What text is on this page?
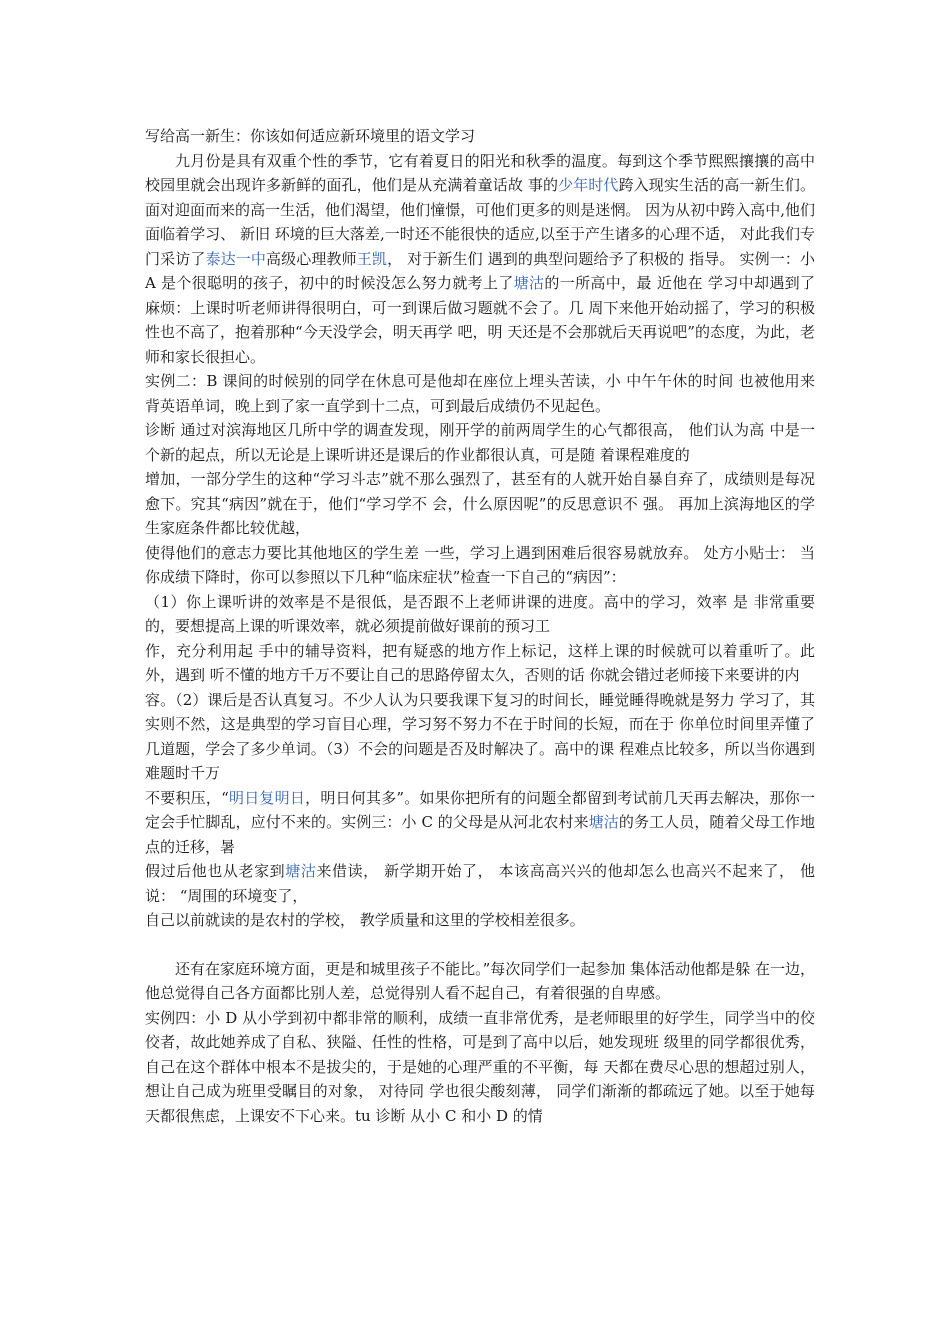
写给高一新生：你该如何适应新环境里的语文学习
九月份是具有双重个性的季节，它有着夏日的阳光和秋季的温度。每到这个季节熙熙攘攘的高中校园里就会出现许多新鲜的面孔，他们是从充满着童话故 事的少年时代跨入现实生活的高一新生们。面对迎面而来的高一生活，他们渴望，他们憧憬，可他们更多的则是迷惘。 因为从初中跨入高中,他们面临着学习、 新旧 环境的巨大落差,一时还不能很快的适应,以至于产生诸多的心理不适， 对此我们专门采访了泰达一中高级心理教师王凯， 对于新生们 遇到的典型问题给予了积极的 指导。 实例一：小 A 是个很聪明的孩子，初中的时候没怎么努力就考上了塘沽的一所高中，最 近他在 学习中却遇到了麻烦：上课时听老师讲得很明白，可一到课后做习题就不会了。几 周下来他开始动摇了，学习的积极性也不高了，抱着那种“今天没学会，明天再学 吧，明 天还是不会那就后天再说吧”的态度，为此，老师和家长很担心。
实例二：B 课间的时候别的同学在休息可是他却在座位上埋头苦读，小 中午午休的时间 也被他用来背英语单词，晚上到了家一直学到十二点，可到最后成绩仍不见起色。
诊断 通过对滨海地区几所中学的调查发现，刚开学的前两周学生的心气都很高， 他们认为高 中是一个新的起点，所以无论是上课听讲还是课后的作业都很认真，可是随 着课程难度的
增加，一部分学生的这种“学习斗志”就不那么强烈了，甚至有的人就开始自暴自弃了，成绩则是每况愈下。究其“病因”就在于，他们“学习学不 会，什么原因呢”的反思意识不 强。 再加上滨海地区的学生家庭条件都比较优越，
使得他们的意志力要比其他地区的学生差 一些，学习上遇到困难后很容易就放弃。 处方小贴士： 当你成绩下降时，你可以参照以下几种“临床症状”检查一下自己的“病因”：
（1）你上课听讲的效率是不是很低，是否跟不上老师讲课的进度。高中的学习，效率 是 非常重要的，要想提高上课的听课效率，就必须提前做好课前的预习工
作，充分利用起 手中的辅导资料，把有疑惑的地方作上标记，这样上课的时候就可以着重听了。此外，遇到 听不懂的地方千万不要让自己的思路停留太久，否则的话 你就会错过老师接下来要讲的内
容。（2）课后是否认真复习。不少人认为只要我课下复习的时间长，睡觉睡得晚就是努力 学习了，其实则不然，这是典型的学习盲目心理，学习努不努力不在于时间的长短，而在于 你单位时间里弄懂了几道题，学会了多少单词。（3）不会的问题是否及时解决了。高中的课 程难点比较多，所以当你遇到难题时千万
不要积压，“明日复明日，明日何其多”。如果你把所有的问题全都留到考试前几天再去解决，那你一定会手忙脚乱，应付不来的。实例三：小 C 的父母是从河北农村来塘沽的务工人员，随着父母工作地点的迁移，暑
假过后他也从老家到塘沽来借读， 新学期开始了， 本该高高兴兴的他却怎么也高兴不起来了， 他说： “周围的环境变了，
自己以前就读的是农村的学校， 教学质量和这里的学校相差很多。
还有在家庭环境方面，更是和城里孩子不能比。”每次同学们一起参加 集体活动他都是躲 在一边，他总觉得自己各方面都比别人差，总觉得别人看不起自己，有着很强的自卑感。
实例四：小 D 从小学到初中都非常的顺利，成绩一直非常优秀，是老师眼里的好学生，同学当中的佼佼者，故此她养成了自私、狭隘、任性的性格，可是到了高中以后，她发现班 级里的同学都很优秀，自己在这个群体中根本不是拔尖的，于是她的心理严重的不平衡，每 天都在费尽心思的想超过别人， 想让自己成为班里受瞩目的对象， 对待同 学也很尖酸刻薄， 同学们渐渐的都疏远了她。以至于她每天都很焦虑，上课安不下心来。tu 诊断 从小 C 和小 D 的情
